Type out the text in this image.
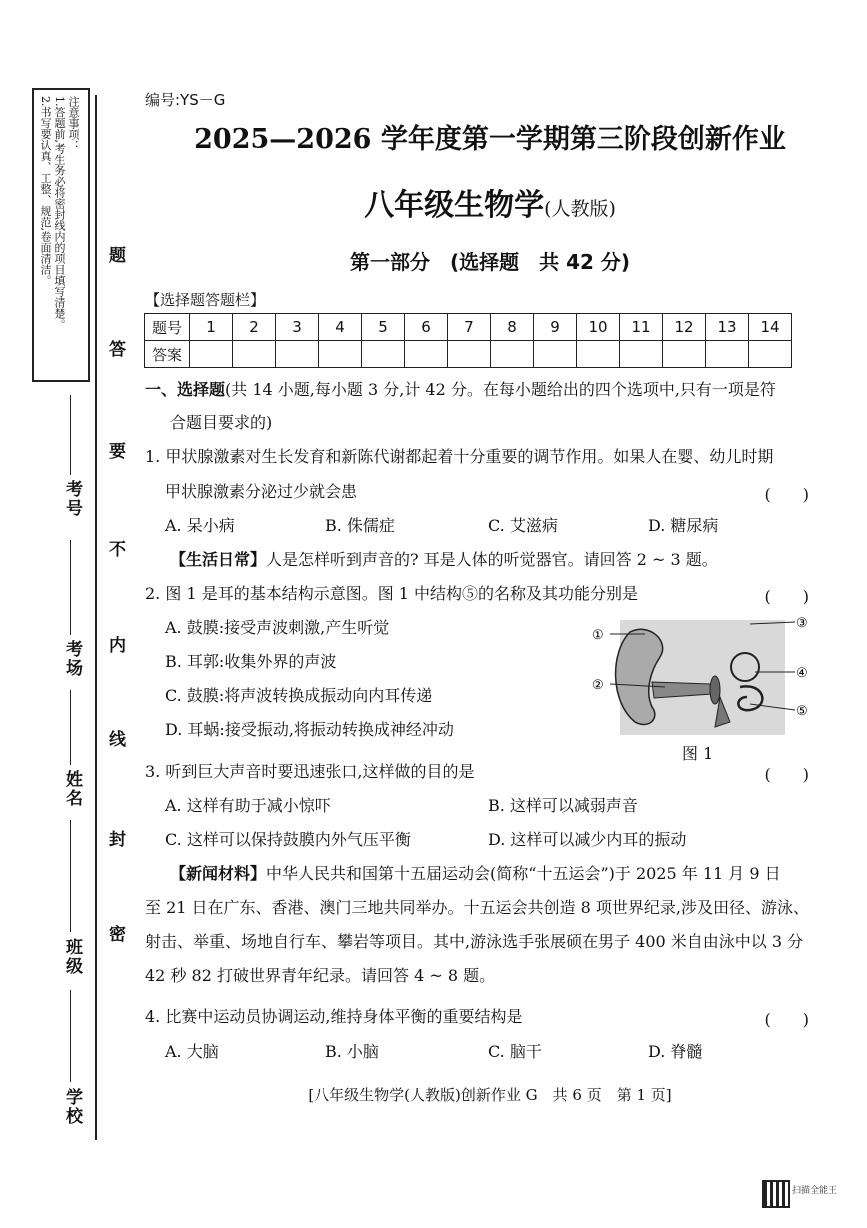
注意事项：
1.答题前,考生务必将密封线内的项目填写清楚。
2.书写要认真、工整、规范,卷面清洁。	题
答
要
不
内
线
封
密
考号
考场
姓名
班级
学校
编号:YS－G
2025—2026 学年度第一学期第三阶段创新作业
八年级生物学(人教版)
第一部分　(选择题　共 42 分)
【选择题答题栏】
题号	1	2	3	4	5	6	7	8	9	10	11	12	13	14
答案														
一、选择题(共 14 小题,每小题 3 分,计 42 分。在每小题给出的四个选项中,只有一项是符
合题目要求的)
1. 甲状腺激素对生长发育和新陈代谢都起着十分重要的调节作用。如果人在婴、幼儿时期
甲状腺激素分泌过少就会患	(　　)
A. 呆小病	B. 侏儒症	C. 艾滋病	D. 糖尿病
【生活日常】人是怎样听到声音的? 耳是人体的听觉器官。请回答 2 ~ 3 题。
2. 图 1 是耳的基本结构示意图。图 1 中结构⑤的名称及其功能分别是	(　　)
A. 鼓膜:接受声波刺激,产生听觉
B. 耳郭:收集外界的声波
C. 鼓膜:将声波转换成振动向内耳传递
D. 耳蜗:接受振动,将振动转换成神经冲动
①
②
③
④
⑤
图 1
3. 听到巨大声音时要迅速张口,这样做的目的是	(　　)
A. 这样有助于减小惊吓	B. 这样可以减弱声音
C. 这样可以保持鼓膜内外气压平衡	D. 这样可以减少内耳的振动
【新闻材料】中华人民共和国第十五届运动会(简称“十五运会”)于 2025 年 11 月 9 日
至 21 日在广东、香港、澳门三地共同举办。十五运会共创造 8 项世界纪录,涉及田径、游泳、
射击、举重、场地自行车、攀岩等项目。其中,游泳选手张展硕在男子 400 米自由泳中以 3 分
42 秒 82 打破世界青年纪录。请回答 4 ~ 8 题。
4. 比赛中运动员协调运动,维持身体平衡的重要结构是	(　　)
A. 大脑	B. 小脑	C. 脑干	D. 脊髓
[八年级生物学(人教版)创新作业 G　共 6 页　第 1 页]
扫描全能王
